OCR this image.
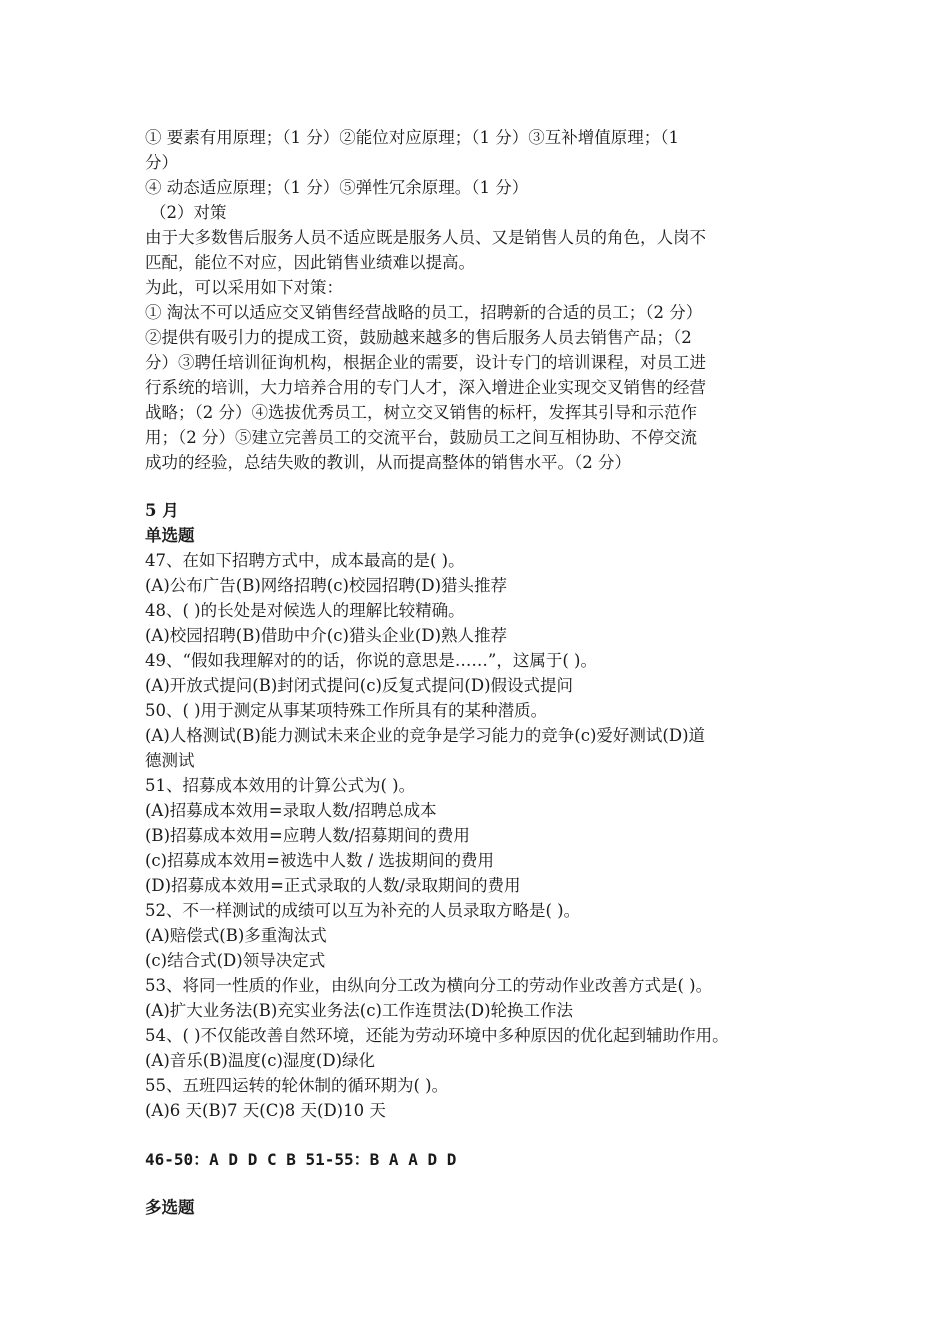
① 要素有用原理；（1 分）②能位对应原理；（1 分）③互补增值原理；（1
分）
④ 动态适应原理；（1 分）⑤弹性冗余原理。（1 分）
（2）对策
由于大多数售后服务人员不适应既是服务人员、又是销售人员的角色，人岗不
匹配，能位不对应，因此销售业绩难以提高。
为此，可以采用如下对策：
① 淘汰不可以适应交叉销售经营战略的员工，招聘新的合适的员工；（2 分）
②提供有吸引力的提成工资，鼓励越来越多的售后服务人员去销售产品；（2
分）③聘任培训征询机构，根据企业的需要，设计专门的培训课程，对员工进
行系统的培训，大力培养合用的专门人才，深入增进企业实现交叉销售的经营
战略；（2 分）④选拔优秀员工，树立交叉销售的标杆，发挥其引导和示范作
用；（2 分）⑤建立完善员工的交流平台，鼓励员工之间互相协助、不停交流
成功的经验，总结失败的教训，从而提高整体的销售水平。（2 分）
5 月
单选题
47、在如下招聘方式中，成本最高的是( )。
(A)公布广告(B)网络招聘(c)校园招聘(D)猎头推荐
48、( )的长处是对候选人的理解比较精确。
(A)校园招聘(B)借助中介(c)猎头企业(D)熟人推荐
49、“假如我理解对的的话，你说的意思是……”，这属于( )。
(A)开放式提问(B)封闭式提问(c)反复式提问(D)假设式提问
50、( )用于测定从事某项特殊工作所具有的某种潜质。
(A)人格测试(B)能力测试未来企业的竞争是学习能力的竞争(c)爱好测试(D)道
德测试
51、招募成本效用的计算公式为( )。
(A)招募成本效用=录取人数/招聘总成本
(B)招募成本效用=应聘人数/招募期间的费用
(c)招募成本效用=被选中人数 / 选拔期间的费用
(D)招募成本效用=正式录取的人数/录取期间的费用
52、不一样测试的成绩可以互为补充的人员录取方略是( )。
(A)赔偿式(B)多重淘汰式
(c)结合式(D)领导决定式
53、将同一性质的作业，由纵向分工改为横向分工的劳动作业改善方式是( )。
(A)扩大业务法(B)充实业务法(c)工作连贯法(D)轮换工作法
54、( )不仅能改善自然环境，还能为劳动环境中多种原因的优化起到辅助作用。
(A)音乐(B)温度(c)湿度(D)绿化
55、五班四运转的轮休制的循环期为( )。
(A)6 天(B)7 天(C)8 天(D)10 天
46-50：A D D C B 51-55：B A A D D
多选题
